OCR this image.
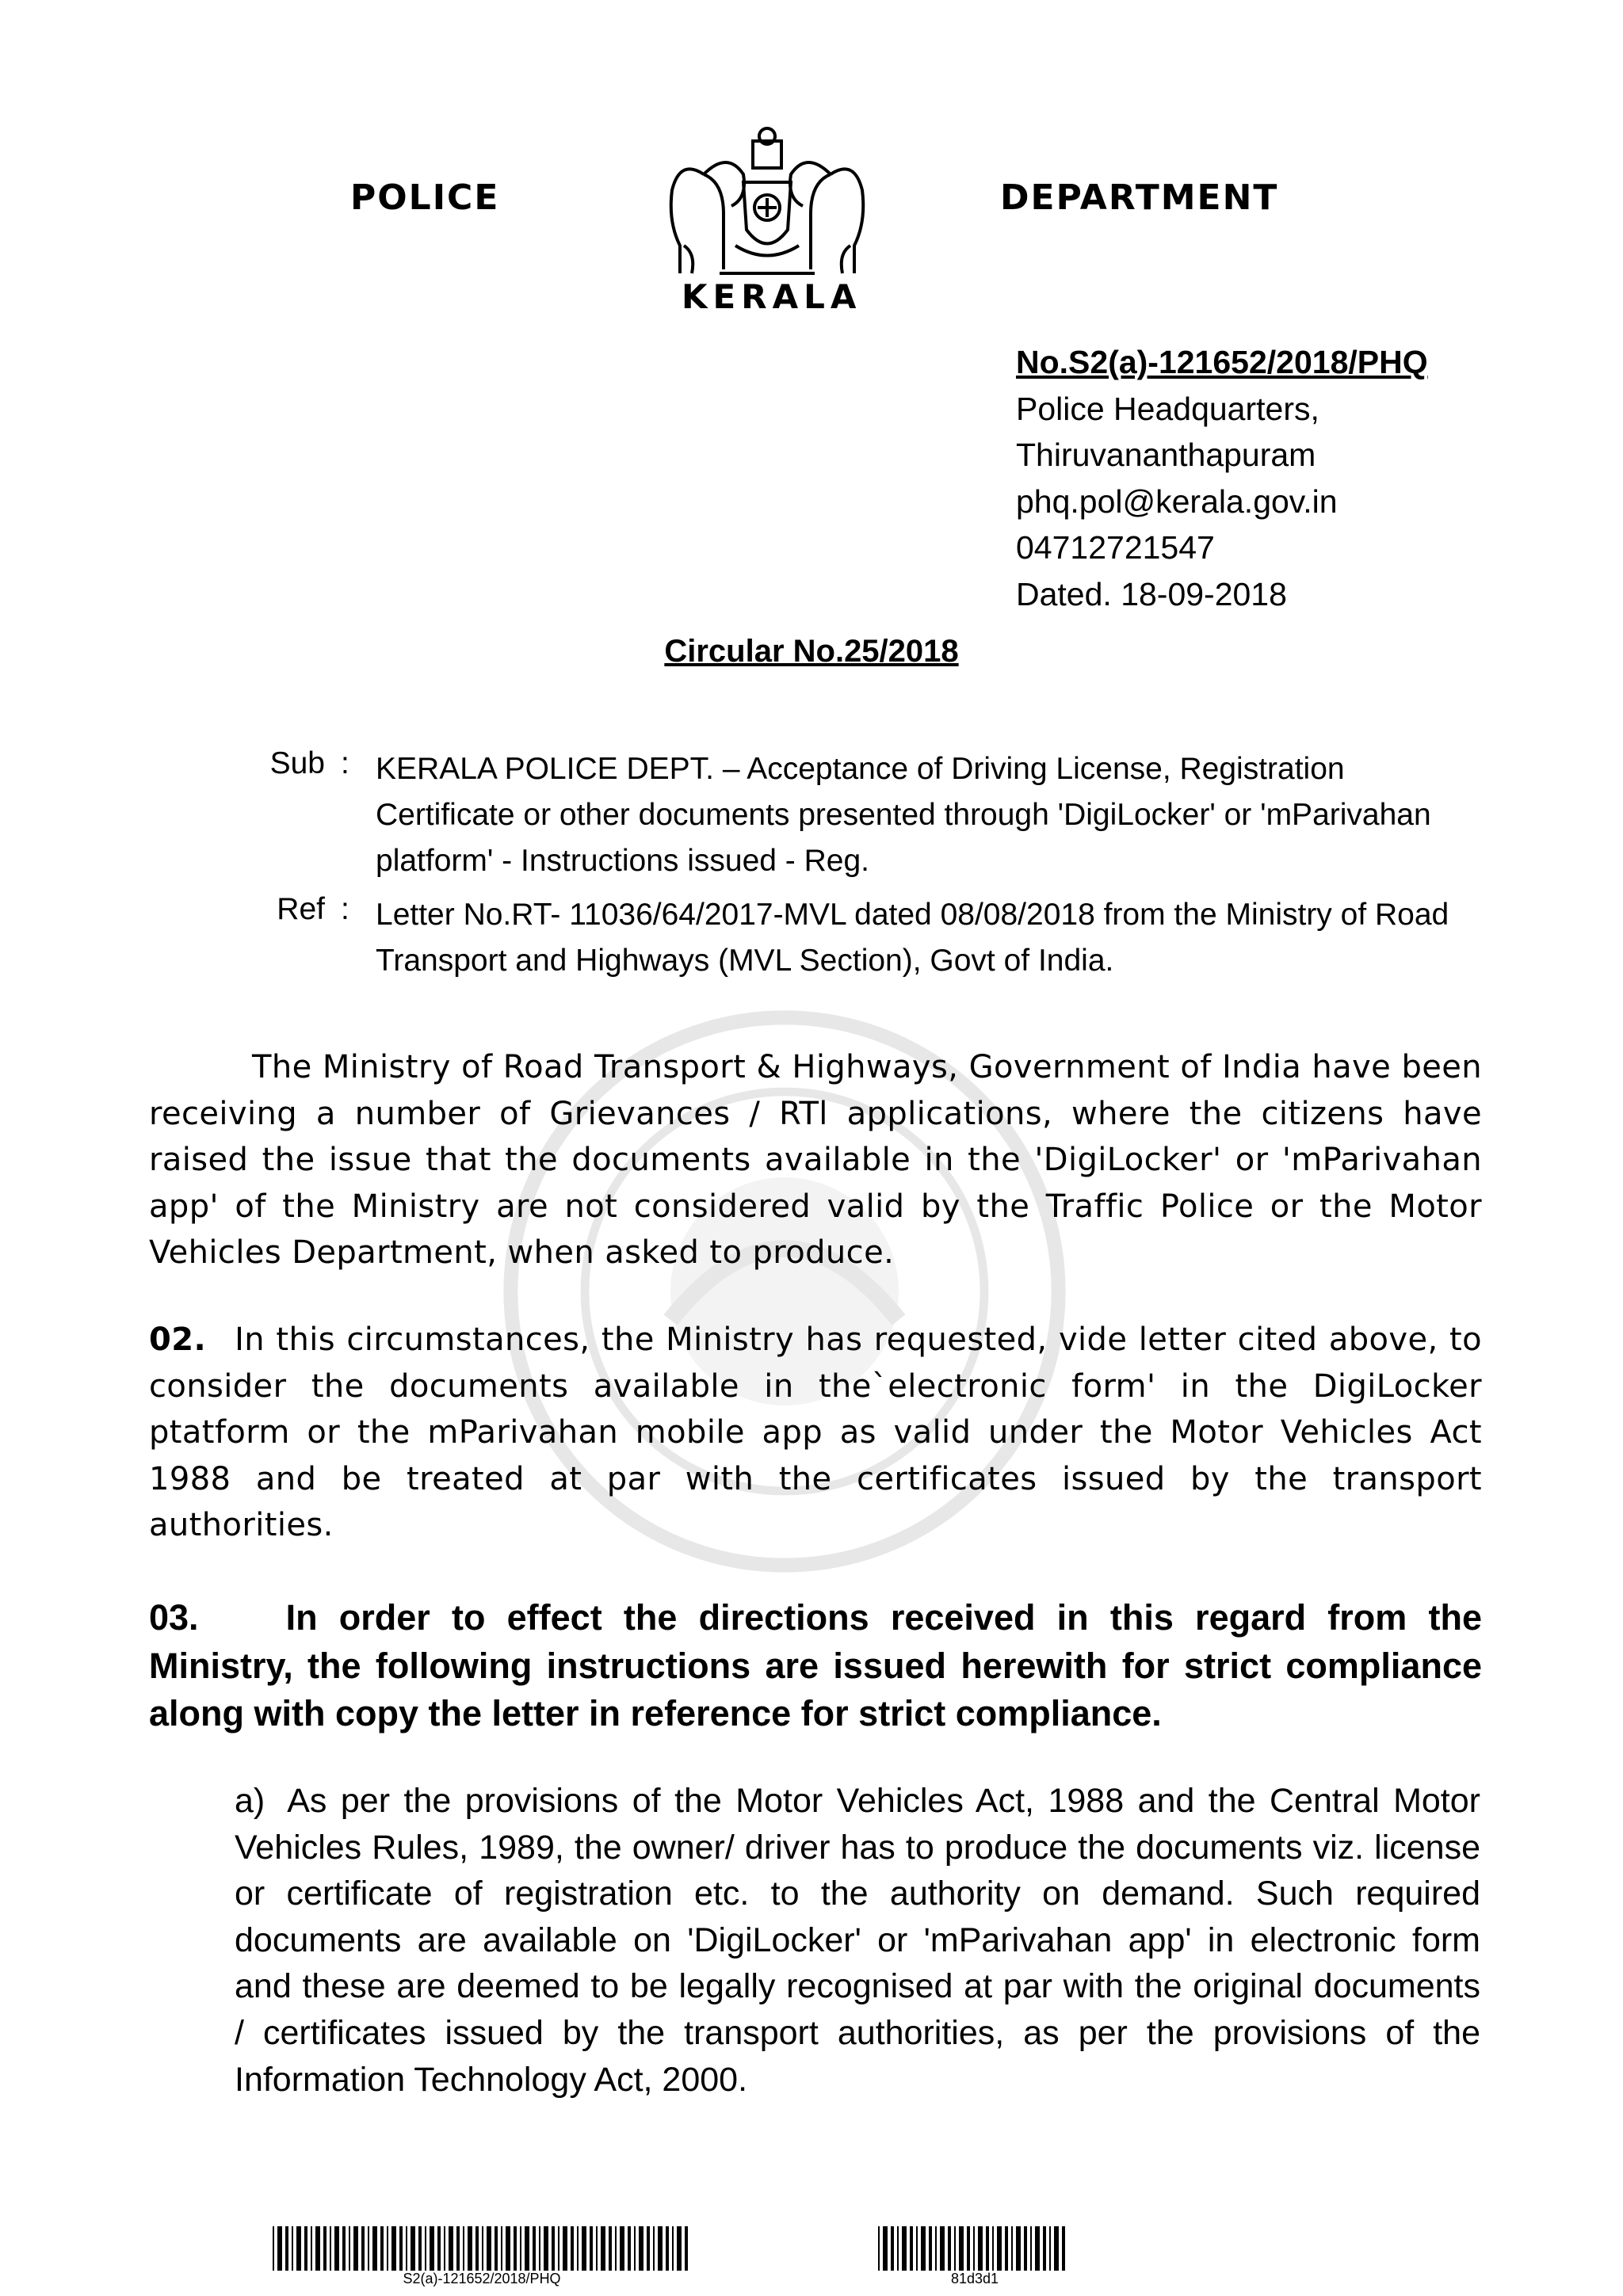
POLICE	DEPARTMENT
KERALA
No.S2(a)-121652/2018/PHQ
Police Headquarters,
Thiruvananthapuram
phq.pol@kerala.gov.in
04712721547
Dated. 18-09-2018
Circular No.25/2018
Sub : KERALA POLICE DEPT. – Acceptance of Driving License, Registration Certificate or other documents presented through 'DigiLocker' or 'mParivahan platform' - Instructions issued - Reg.
Ref : Letter No.RT- 11036/64/2017-MVL dated 08/08/2018 from the Ministry of Road Transport and Highways (MVL Section), Govt of India.
The Ministry of Road Transport & Highways, Government of India have been receiving a number of Grievances / RTl applications, where the citizens have raised the issue that the documents available in the 'DigiLocker' or 'mParivahan app' of the Ministry are not considered valid by the Traffic Police or the Motor Vehicles Department, when asked to produce.
02. In this circumstances, the Ministry has requested, vide letter cited above, to consider the documents available in the`electronic form' in the DigiLocker ptatform or the mParivahan mobile app as valid under the Motor Vehicles Act 1988 and be treated at par with the certificates issued by the transport authorities.
03. In order to effect the directions received in this regard from the Ministry, the following instructions are issued herewith for strict compliance along with copy the letter in reference for strict compliance.
a) As per the provisions of the Motor Vehicles Act, 1988 and the Central Motor Vehicles Rules, 1989, the owner/ driver has to produce the documents viz. license or certificate of registration etc. to the authority on demand. Such required documents are available on 'DigiLocker' or 'mParivahan app' in electronic form and these are deemed to be legally recognised at par with the original documents / certificates issued by the transport authorities, as per the provisions of the Information Technology Act, 2000.
S2(a)-121652/2018/PHQ	81d3d1
